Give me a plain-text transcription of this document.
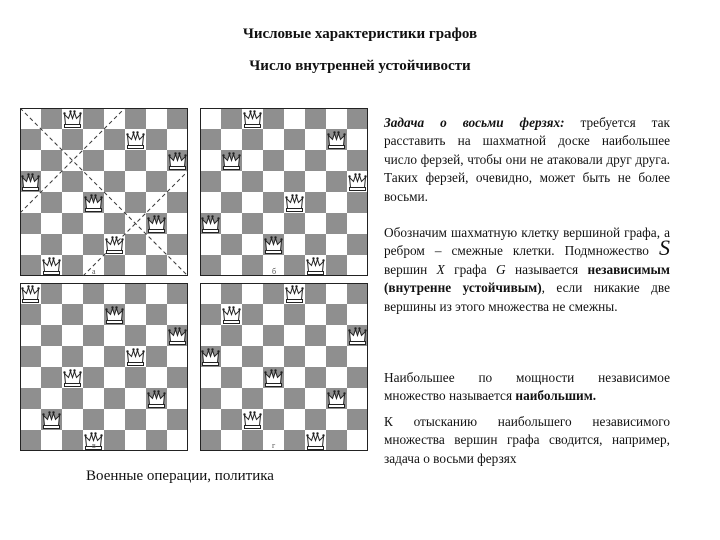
Числовые характеристики графов
Число внутренней устойчивости
а	б
в	г
Военные операции, политика
Задача о восьми ферзях: требуется так расставить на шахматной доске наибольшее число ферзей, чтобы они не атаковали друг друга. Таких ферзей, очевидно, может быть не более восьми.
Обозначим шахматную клетку вершиной графа, а ребром – смежные клетки. Подмножество S вершин X графа G называется независимым (внутренне устойчивым), если никакие две вершины из этого множества не смежны.
Наибольшее по мощности независимое множество называется наибольшим.
К отысканию наибольшего независимого множества вершин графа сводится, например, задача о восьми ферзях
